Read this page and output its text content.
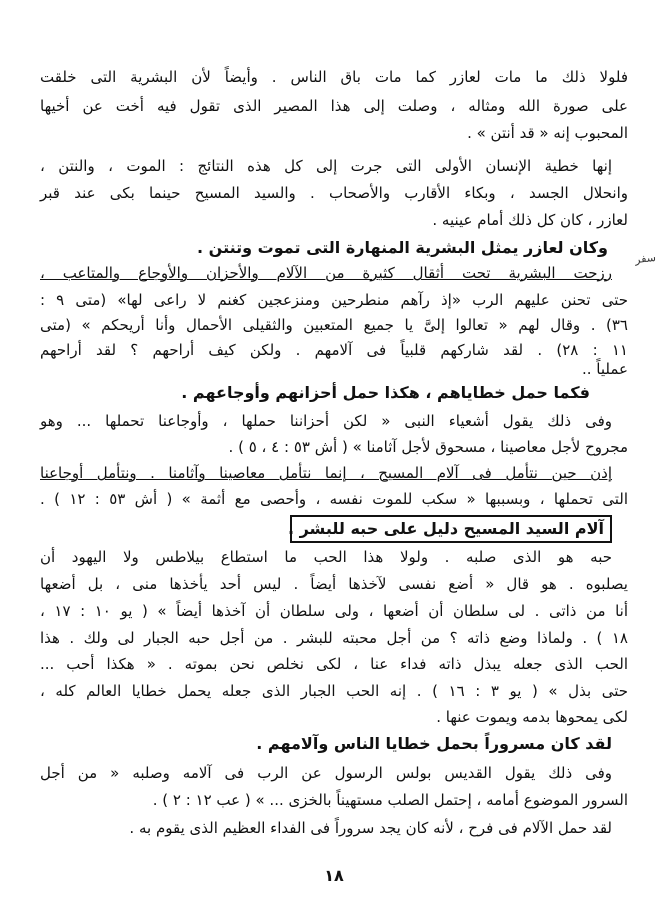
فلولا ذلك ما مات لعازر كما مات باق الناس . وأيضاً لأن البشرية التى خلقت
على صورة الله ومثاله ، وصلت إلى هذا المصير الذى تقول فيه أخت عن أخيها
المحبوب إنه « قد أنتن » .
إنها خطية الإنسان الأولى التى جرت إلى كل هذه النتائج : الموت ، والنتن ،
وانحلال الجسد ، وبكاء الأقارب والأصحاب . والسيد المسيح حينما بكى عند قبر
لعازر ، كان كل ذلك أمام عينيه .
وكان لعازر يمثل البشرية المنهارة التى تموت وتنتن .
سفر
رزحت البشرية تحت أثقال كثيرة من الآلام والأحزان والأوجاع والمتاعب ،
حتى تحنن عليهم الرب «إذ رآهم منطرحين ومنزعجين كغنم لا راعى لها» (متى ٩ :
٣٦) . وقال لهم « تعالوا إلىَّ يا جميع المتعبين والثقيلى الأحمال وأنا أريحكم » (متى
١١ : ٢٨) . لقد شاركهم قلبياً فى آلامهم . ولكن كيف أراحهم ؟ لقد أراحهم
عملياً ..
فكما حمل خطاياهم ، هكذا حمل أحزانهم وأوجاعهم .
وفى ذلك يقول أشعياء النبى « لكن أحزاننا حملها ، وأوجاعنا تحملها ... وهو
مجروح لأجل معاصينا ، مسحوق لأجل آثامنا » ( أش ٥٣ : ٤ ، ٥ ) .
إذن حين نتأمل فى آلام المسيح ، إنما نتأمل معاصينا وآثامنا . ونتأمل أوجاعنا
التى تحملها ، وبسببها « سكب للموت نفسه ، وأحصى مع أثمة » ( أش ٥٣ : ١٢ ) .
آلام السيد المسيح دليل على حبه للبشر .
حبه هو الذى صلبه . ولولا هذا الحب ما استطاع بيلاطس ولا اليهود أن
يصلبوه . هو قال « أضع نفسى لآخذها أيضاً . ليس أحد يأخذها منى ، بل أضعها
أنا من ذاتى . لى سلطان أن أضعها ، ولى سلطان أن آخذها أيضاً » ( يو ١٠ : ١٧ ،
١٨ ) . ولماذا وضع ذاته ؟ من أجل محبته للبشر . من أجل حبه الجبار لى ولك . هذا
الحب الذى جعله يبذل ذاته فداء عنا ، لكى نخلص نحن بموته . « هكذا أحب ...
حتى بذل » ( يو ٣ : ١٦ ) . إنه الحب الجبار الذى جعله يحمل خطايا العالم كله ،
لكى يمحوها بدمه ويموت عنها .
لقد كان مسروراً بحمل خطايا الناس وآلامهم .
وفى ذلك يقول القديس بولس الرسول عن الرب فى آلامه وصلبه « من أجل
السرور الموضوع أمامه ، إحتمل الصلب مستهيناً بالخزى ... » ( عب ١٢ : ٢ ) .
لقد حمل الآلام فى فرح ، لأنه كان يجد سروراً فى الفداء العظيم الذى يقوم به .
١٨
